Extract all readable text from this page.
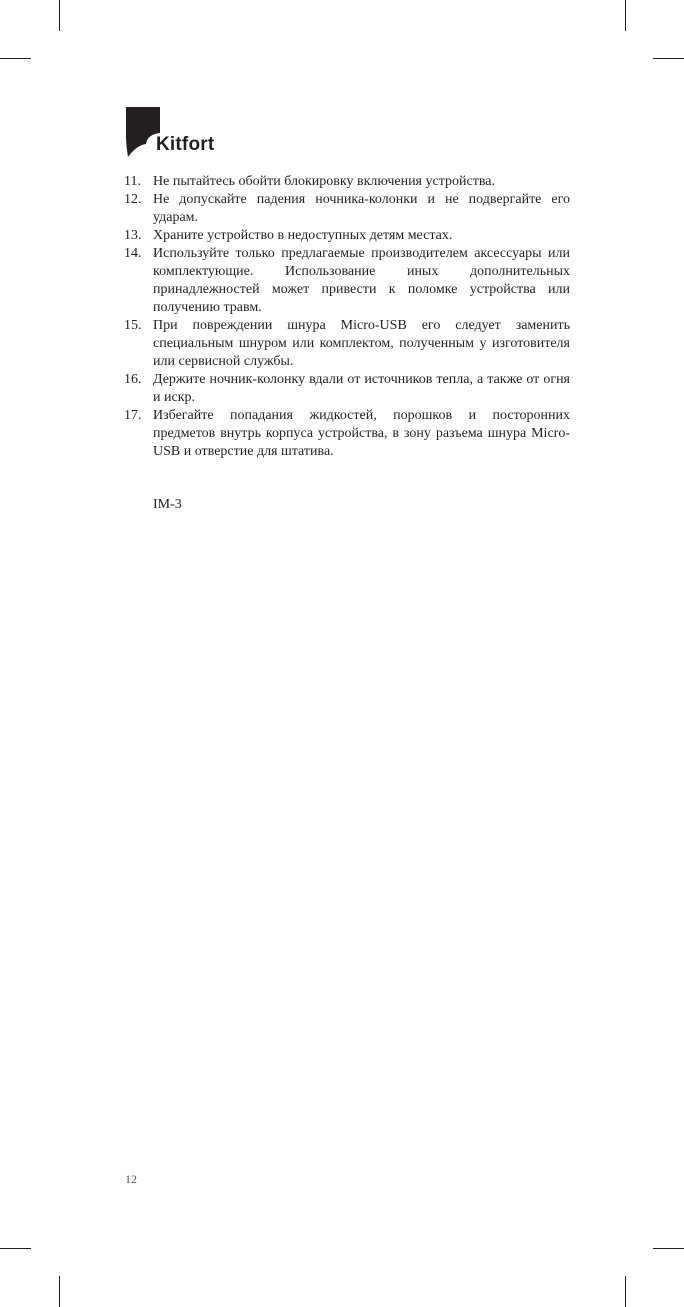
Kitfort
11. Не пытайтесь обойти блокировку включения устройства.
12. Не допускайте падения ночника-колонки и не подвергайте его ударам.
13. Храните устройство в недоступных детям местах.
14. Используйте только предлагаемые производителем аксессуары или комплектующие. Использование иных дополнительных принадлежностей может привести к поломке устройства или получению травм.
15. При повреждении шнура Micro-USB его следует заменить специальным шнуром или комплектом, полученным у изготовителя или сервисной службы.
16. Держите ночник-колонку вдали от источников тепла, а также от огня и искр.
17. Избегайте попадания жидкостей, порошков и посторонних предметов внутрь корпуса устройства, в зону разъема шнура Micro-USB и отверстие для штатива.
IM-3
12
